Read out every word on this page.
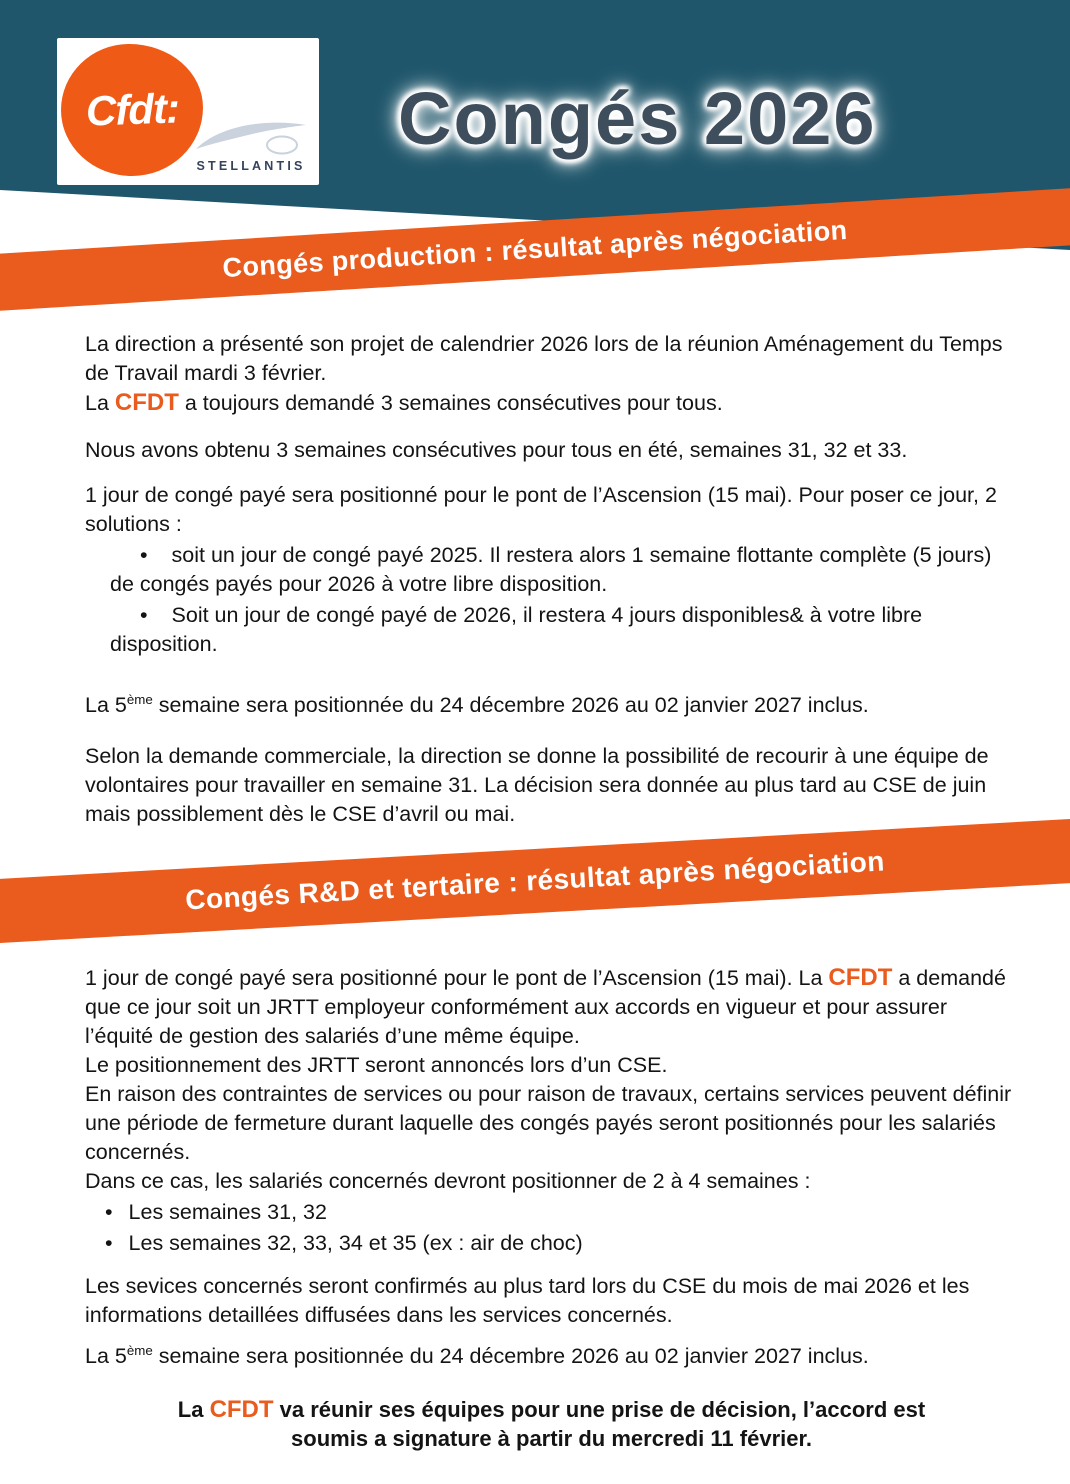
Cfdt:
STELLANTIS
Congés 2026
Congés production : résultat après négociation

La direction a présenté son projet de calendrier 2026 lors de la réunion Aménagement du Temps de Travail mardi 3 février.

La CFDT a toujours demandé 3 semaines consécutives pour tous.

Nous avons obtenu 3 semaines consécutives pour tous en été, semaines 31, 32 et 33.

1 jour de congé payé sera positionné pour le pont de l’Ascension (15 mai). Pour poser ce jour, 2 solutions :

• soit un jour de congé payé 2025. Il restera alors 1 semaine flottante complète (5 jours) de congés payés pour 2026 à votre libre disposition.

• Soit un jour de congé payé de 2026, il restera 4 jours disponibles& à votre libre disposition.

La 5ème semaine sera positionnée du 24 décembre 2026 au 02 janvier 2027 inclus.

Selon la demande commerciale, la direction se donne la possibilité de recourir à une équipe de volontaires pour travailler en semaine 31. La décision sera donnée au plus tard au CSE de juin mais possiblement dès le CSE d’avril ou mai.

Congés R&D et tertaire : résultat après négociation

1 jour de congé payé sera positionné pour le pont de l’Ascension (15 mai). La CFDT a demandé que ce jour soit un JRTT employeur conformément aux accords en vigueur et pour assurer l’équité de gestion des salariés d’une même équipe.

Le positionnement des JRTT seront annoncés lors d’un CSE.

En raison des contraintes de services ou pour raison de travaux, certains services peuvent définir une période de fermeture durant laquelle des congés payés seront positionnés pour les salariés concernés.

Dans ce cas, les salariés concernés devront positionner de 2 à 4 semaines :

• Les semaines 31, 32

• Les semaines 32, 33, 34 et 35 (ex : air de choc)

Les sevices concernés seront confirmés au plus tard lors du CSE du mois de mai 2026 et les informations detaillées diffusées dans les services concernés.

La 5ème semaine sera positionnée du 24 décembre 2026 au 02 janvier 2027 inclus.

La CFDT va réunir ses équipes pour une prise de décision, l’accord est soumis a signature à partir du mercredi 11 février.
